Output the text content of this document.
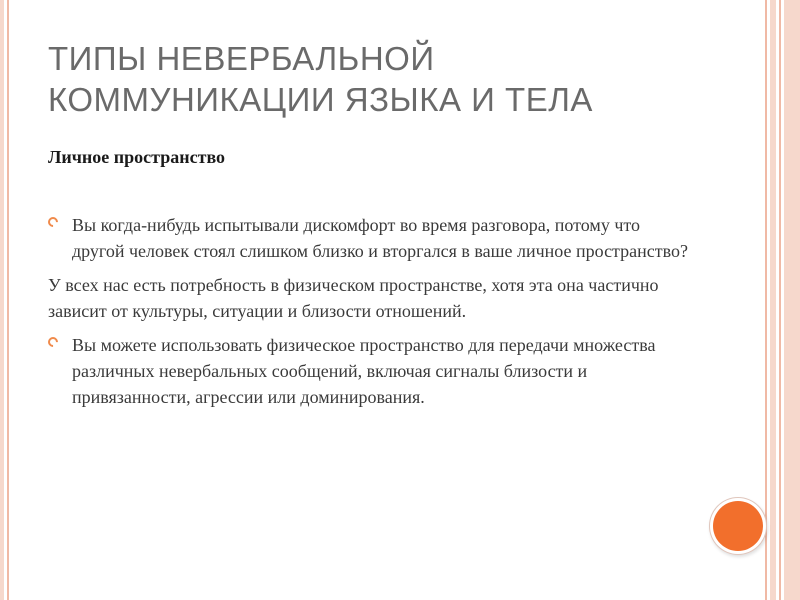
ТИПЫ НЕВЕРБАЛЬНОЙ
КОММУНИКАЦИИ ЯЗЫКА И ТЕЛА
Личное пространство

Вы когда-нибудь испытывали дискомфорт во время разговора, потому что другой человек стоял слишком близко и вторгался в ваше личное пространство?

У всех нас есть потребность в физическом пространстве, хотя эта она частично зависит от культуры, ситуации и близости отношений.

Вы можете использовать физическое пространство для передачи множества различных невербальных сообщений, включая сигналы близости и привязанности, агрессии или доминирования.
